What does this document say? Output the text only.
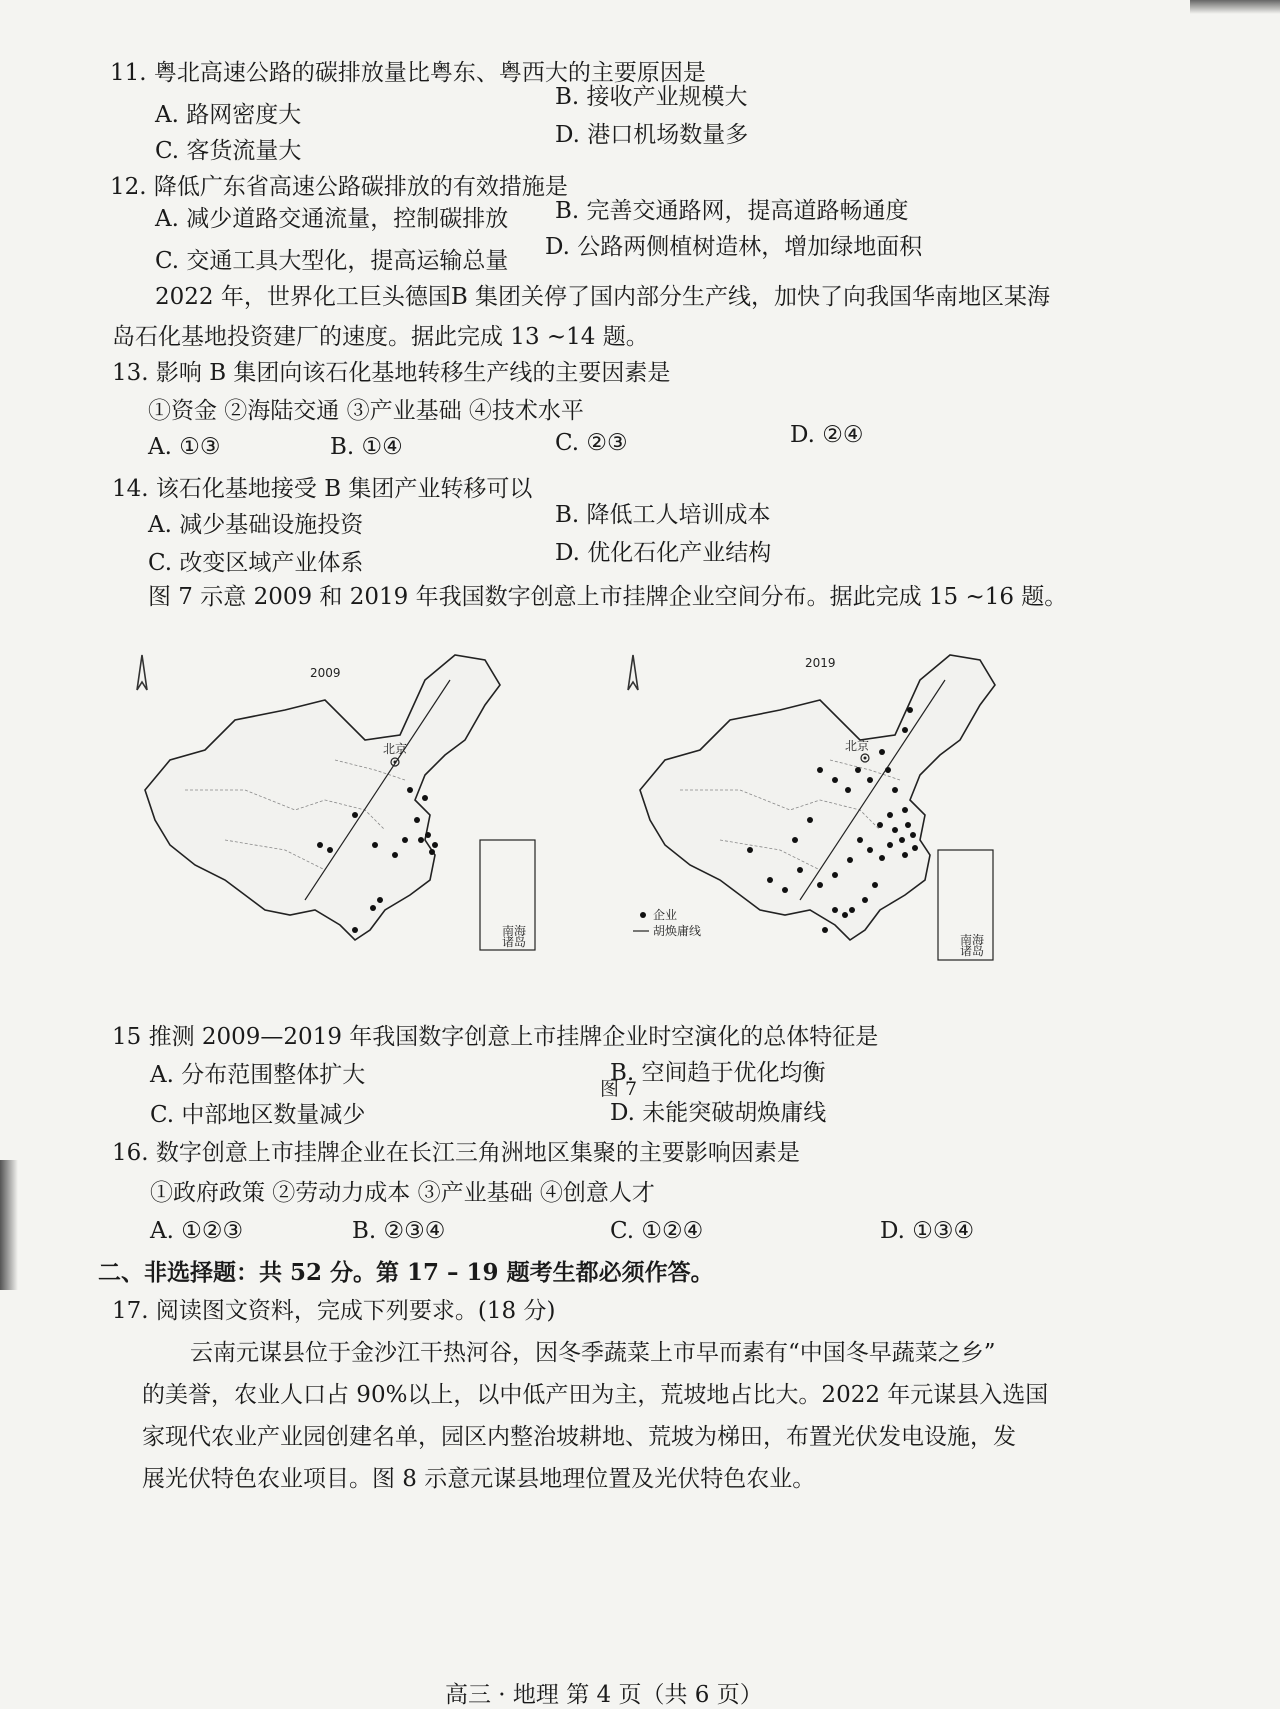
11. 粤北高速公路的碳排放量比粤东、粤西大的主要原因是
A. 路网密度大
B. 接收产业规模大
C. 客货流量大
D. 港口机场数量多
12. 降低广东省高速公路碳排放的有效措施是
A. 减少道路交通流量，控制碳排放 B. 完善交通路网，提高道路畅通度
C. 交通工具大型化，提高运输总量
D. 公路两侧植树造林，增加绿地面积
2022 年，世界化工巨头德国B 集团关停了国内部分生产线，加快了向我国华南地区某海
岛石化基地投资建厂的速度。据此完成 13 ~14 题。
13. 影响 B 集团向该石化基地转移生产线的主要因素是
①资金 ②海陆交通 ③产业基础 ④技术水平
A. ①③	B. ①④	C. ②③	D. ②④
14. 该石化基地接受 B 集团产业转移可以
A. 减少基础设施投资	B. 降低工人培训成本
C. 改变区域产业体系	D. 优化石化产业结构
图 7 示意 2009 和 2019 年我国数字创意上市挂牌企业空间分布。据此完成 15 ~16 题。
北京
2009
南海
诸岛
北京
2019
南海
诸岛
企业
胡焕庸线
图 7
15 推测 2009—2019 年我国数字创意上市挂牌企业时空演化的总体特征是
A. 分布范围整体扩大	B. 空间趋于优化均衡
C. 中部地区数量减少	D. 未能突破胡焕庸线
16. 数字创意上市挂牌企业在长江三角洲地区集聚的主要影响因素是
①政府政策 ②劳动力成本 ③产业基础 ④创意人才
A. ①②③	B. ②③④	C. ①②④	D. ①③④
二、非选择题：共 52 分。第 17 – 19 题考生都必须作答。
17. 阅读图文资料，完成下列要求。(18 分)
云南元谋县位于金沙江干热河谷，因冬季蔬菜上市早而素有“中国冬早蔬菜之乡”
的美誉，农业人口占 90%以上，以中低产田为主，荒坡地占比大。2022 年元谋县入选国
家现代农业产业园创建名单，园区内整治坡耕地、荒坡为梯田，布置光伏发电设施，发
展光伏特色农业项目。图 8 示意元谋县地理位置及光伏特色农业。
高三 · 地理 第 4 页（共 6 页）
